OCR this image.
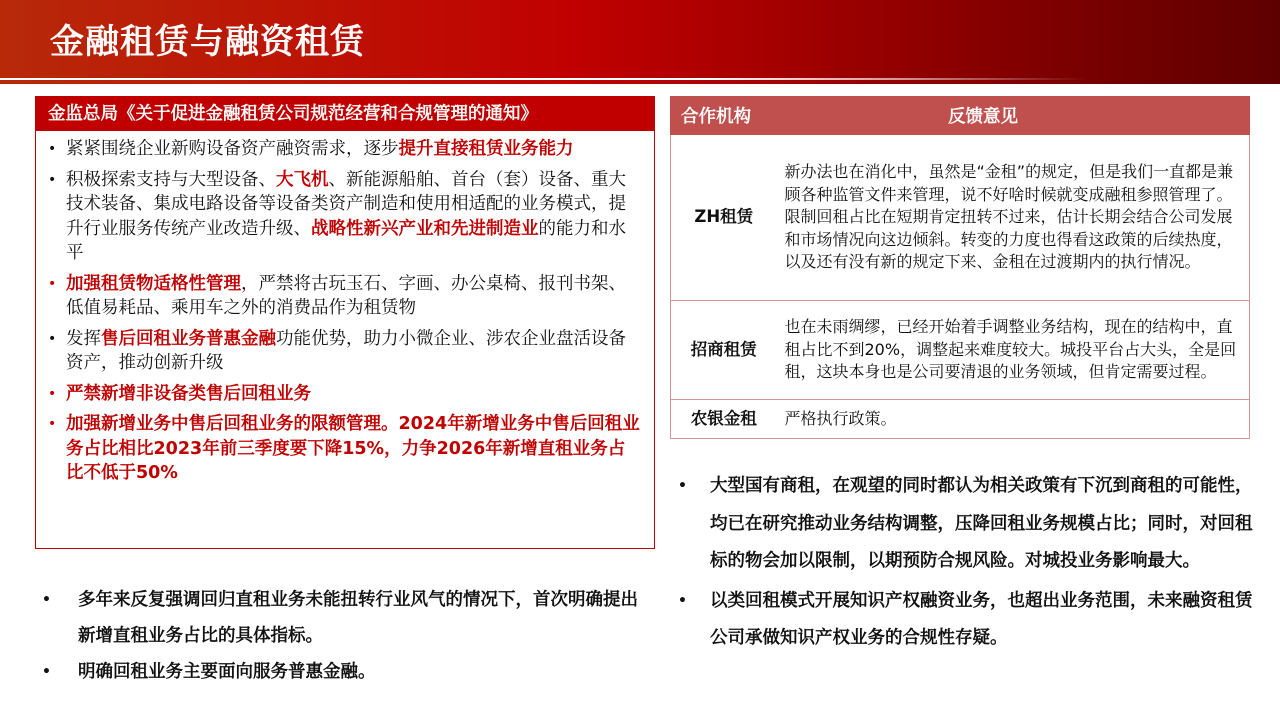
金融租赁与融资租赁
金监总局《关于促进金融租赁公司规范经营和合规管理的通知》
• 紧紧围绕企业新购设备资产融资需求，逐步提升直接租赁业务能力
• 积极探索支持与大型设备、大飞机、新能源船舶、首台（套）设备、重大技术装备、集成电路设备等设备类资产制造和使用相适配的业务模式，提升行业服务传统产业改造升级、战略性新兴产业和先进制造业的能力和水平
• 加强租赁物适格性管理，严禁将古玩玉石、字画、办公桌椅、报刊书架、低值易耗品、乘用车之外的消费品作为租赁物
• 发挥售后回租业务普惠金融功能优势，助力小微企业、涉农企业盘活设备资产，推动创新升级
• 严禁新增非设备类售后回租业务
• 加强新增业务中售后回租业务的限额管理。2024年新增业务中售后回租业务占比相比2023年前三季度要下降15%，力争2026年新增直租业务占比不低于50%
• 多年来反复强调回归直租业务未能扭转行业风气的情况下，首次明确提出新增直租业务占比的具体指标。
• 明确回租业务主要面向服务普惠金融。
合作机构	反馈意见
ZH租赁	新办法也在消化中，虽然是“金租”的规定，但是我们一直都是兼顾各种监管文件来管理，说不好啥时候就变成融租参照管理了。
限制回租占比在短期肯定扭转不过来，估计长期会结合公司发展和市场情况向这边倾斜。转变的力度也得看这政策的后续热度，以及还有没有新的规定下来、金租在过渡期内的执行情况。

招商租赁	也在未雨绸缪，已经开始着手调整业务结构，现在的结构中，直租占比不到20%，调整起来难度较大。城投平台占大头，全是回租，这块本身也是公司要清退的业务领域，但肯定需要过程。

农银金租	严格执行政策。
• 大型国有商租，在观望的同时都认为相关政策有下沉到商租的可能性，均已在研究推动业务结构调整，压降回租业务规模占比；同时，对回租标的物会加以限制，以期预防合规风险。对城投业务影响最大。
• 以类回租模式开展知识产权融资业务，也超出业务范围，未来融资租赁公司承做知识产权业务的合规性存疑。
